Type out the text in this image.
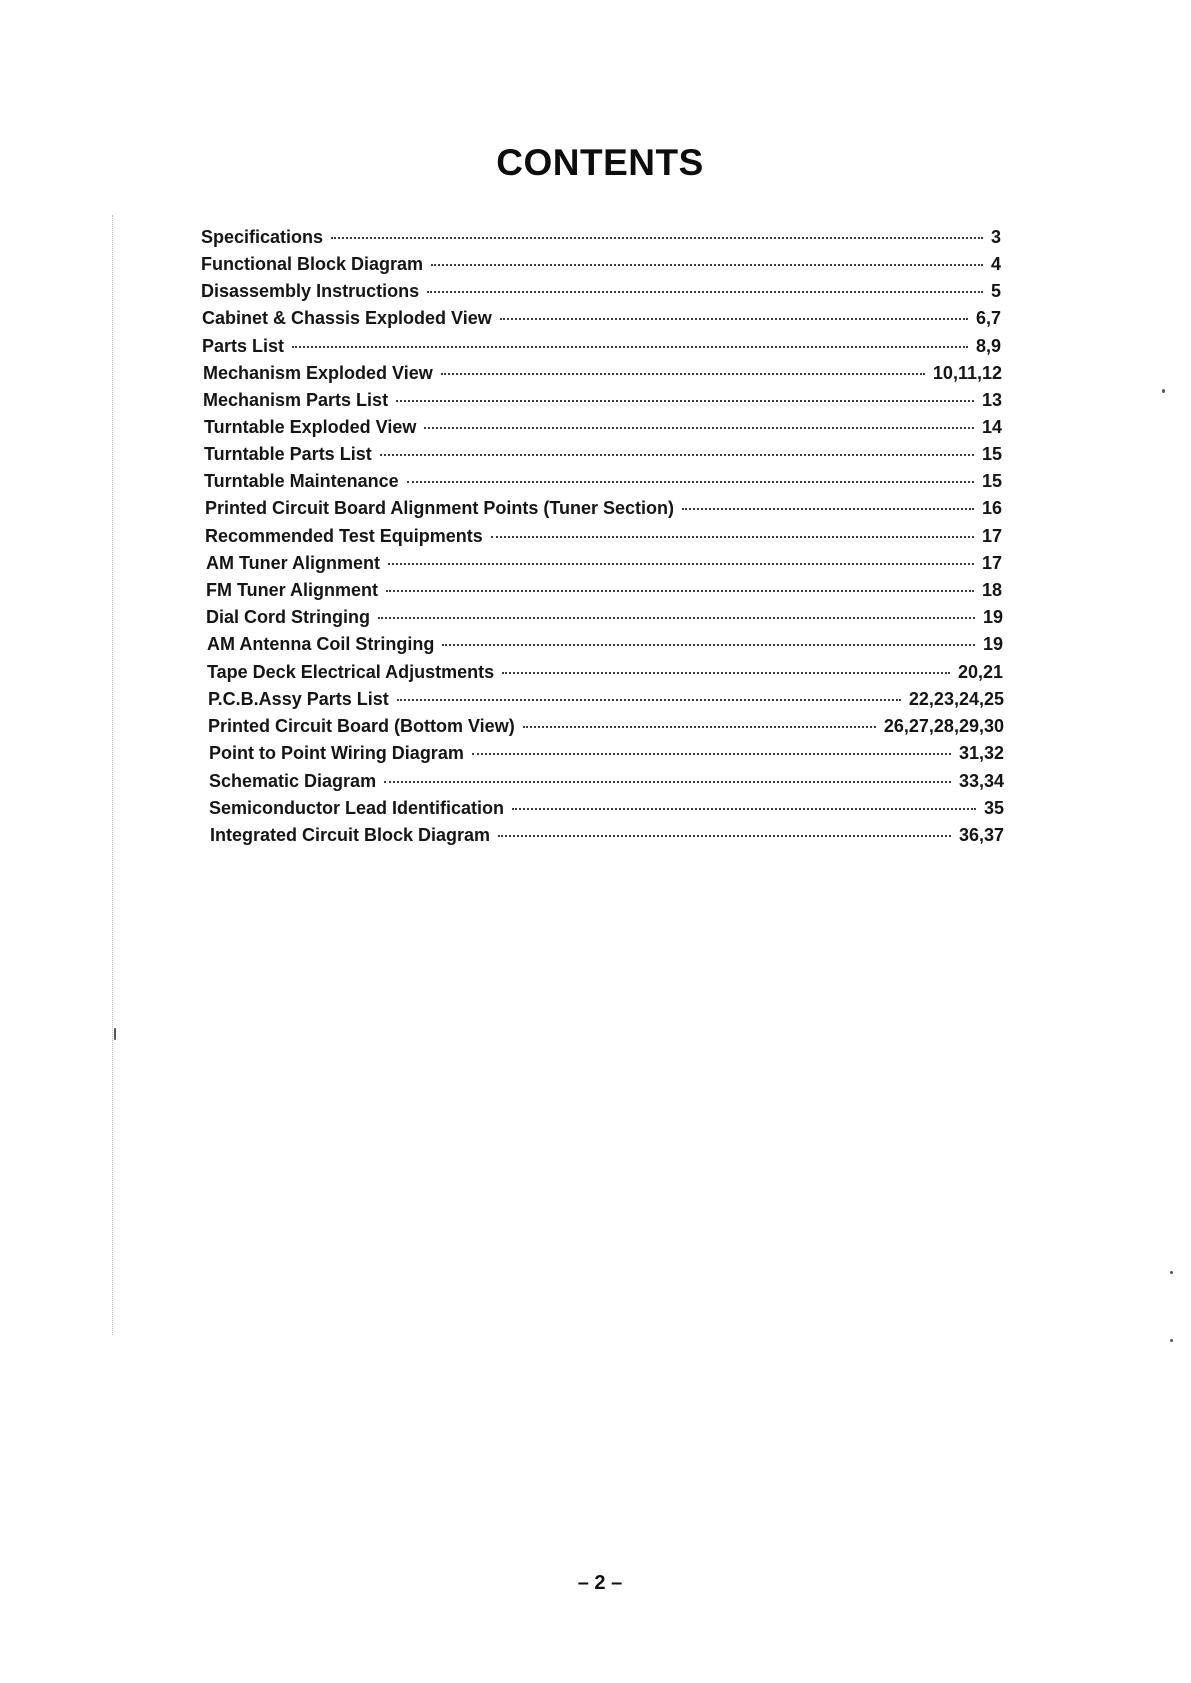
CONTENTS
Specifications	3
Functional Block Diagram	4
Disassembly Instructions	5
Cabinet & Chassis Exploded View	6,7
Parts List	8,9
Mechanism Exploded View	10,11,12
Mechanism Parts List	13
Turntable Exploded View	14
Turntable Parts List	15
Turntable Maintenance	15
Printed Circuit Board Alignment Points (Tuner Section)	16
Recommended Test Equipments	17
AM Tuner Alignment	17
FM Tuner Alignment	18
Dial Cord Stringing	19
AM Antenna Coil Stringing	19
Tape Deck Electrical Adjustments	20,21
P.C.B.Assy Parts List	22,23,24,25
Printed Circuit Board (Bottom View)	26,27,28,29,30
Point to Point Wiring Diagram	31,32
Schematic Diagram	33,34
Semiconductor Lead Identification	35
Integrated Circuit Block Diagram	36,37
– 2 –
